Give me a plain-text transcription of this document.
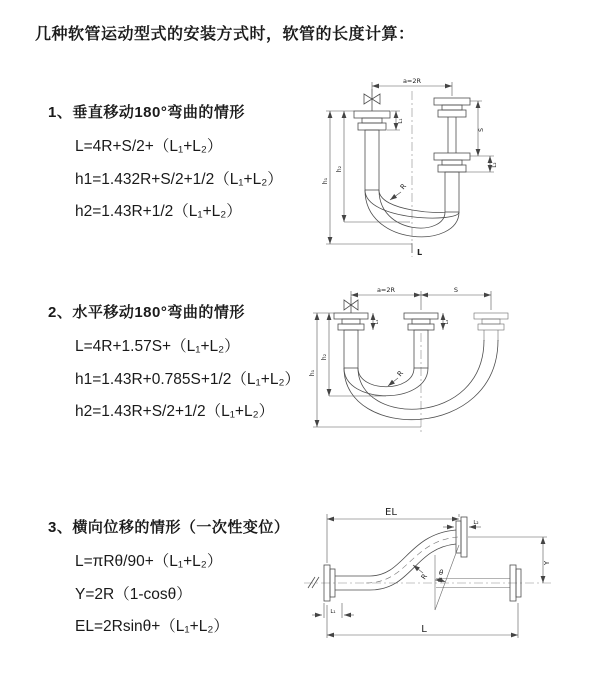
几种软管运动型式的安装方式时，软管的长度计算：
1、垂直移动180°弯曲的情形
L=4R+S/2+（L₁+L₂）
h1=1.432R+S/2+1/2（L₁+L₂）
h2=1.43R+1/2（L₁+L₂）
a=2R
R
h₁
h₂
L₁
S
L₂
L
2、水平移动180°弯曲的情形
L=4R+1.57S+（L₁+L₂）
h1=1.43R+0.785S+1/2（L₁+L₂）
h2=1.43R+S/2+1/2（L₁+L₂）
a=2R	S
R
h₁
h₂
L₁	L₂
3、横向位移的情形（一次性变位）
L=πRθ/90+（L₁+L₂）
Y=2R（1-cosθ）
EL=2Rsinθ+（L₁+L₂）
EL
L₂
Y
θ
R
L₁
L
